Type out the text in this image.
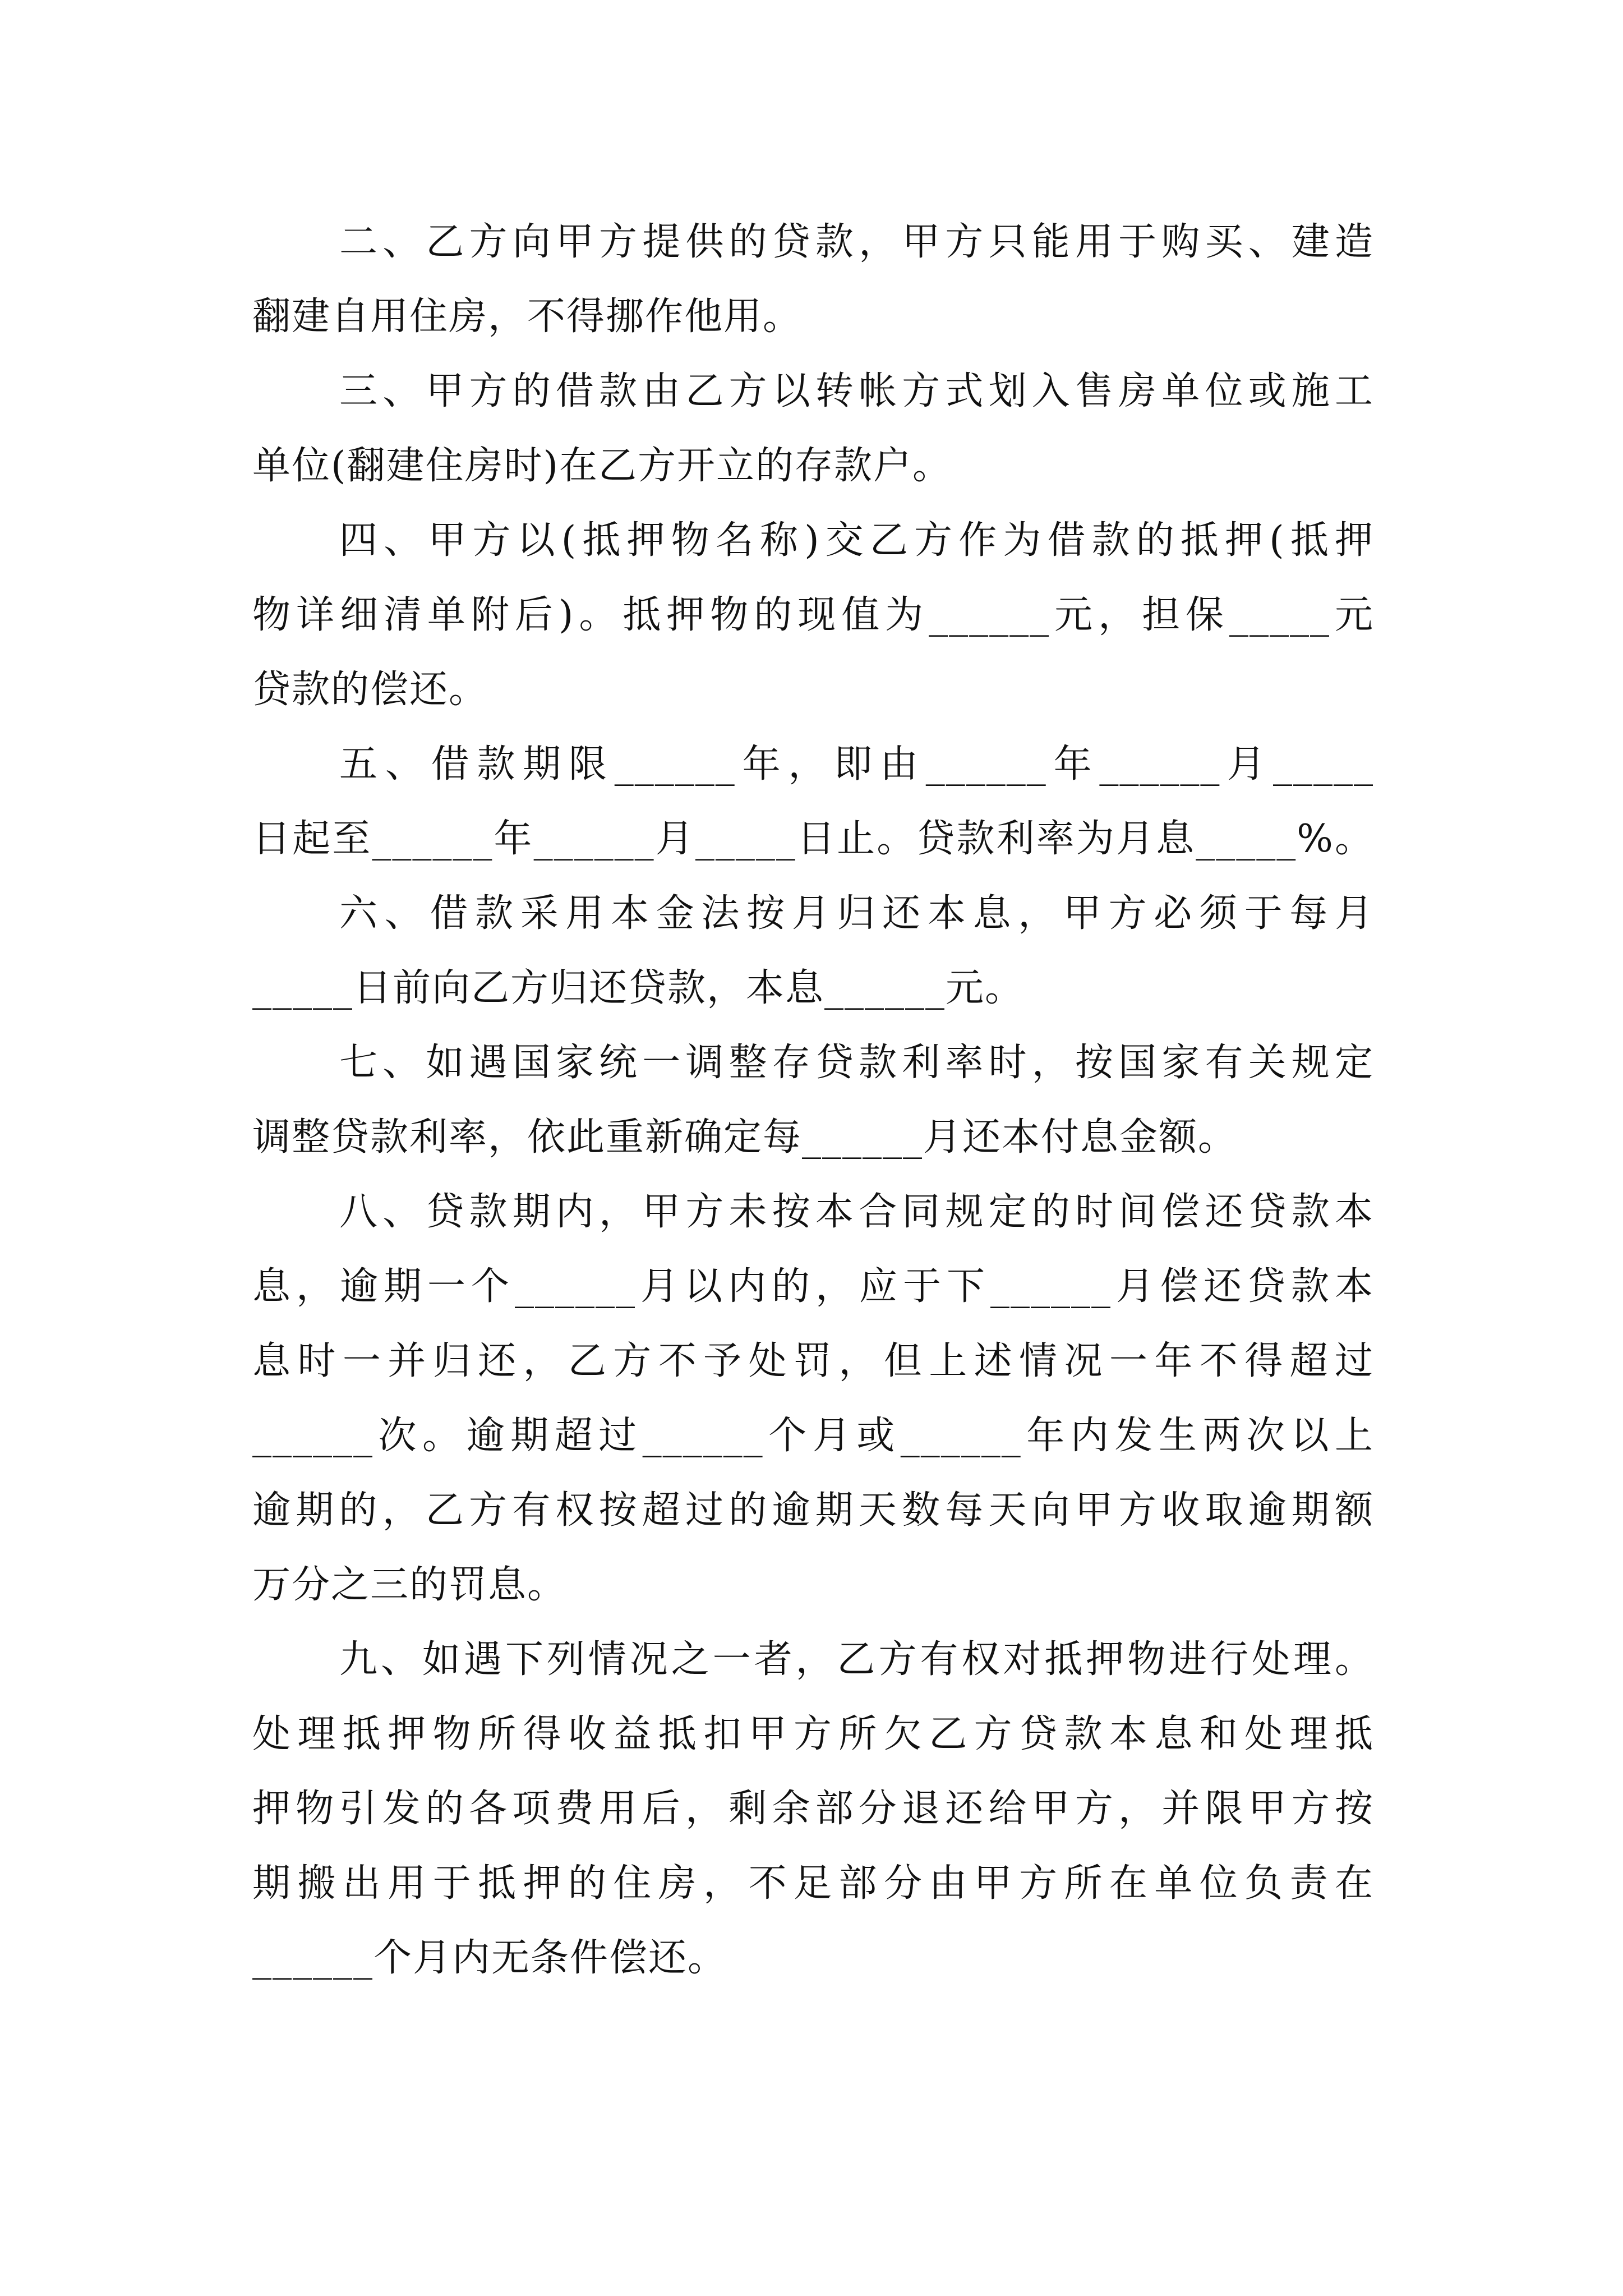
二、乙方向甲方提供的贷款，甲方只能用于购买、建造
翻建自用住房，不得挪作他用。
三、甲方的借款由乙方以转帐方式划入售房单位或施工
单位(翻建住房时)在乙方开立的存款户。
四、甲方以(抵押物名称)交乙方作为借款的抵押(抵押
物详细清单附后)。抵押物的现值为______元，担保_____元
贷款的偿还。
五、借款期限______年，即由______年______月_____
日起至______年______月_____日止。贷款利率为月息_____%。
六、借款采用本金法按月归还本息，甲方必须于每月
_____日前向乙方归还贷款，本息______元。
七、如遇国家统一调整存贷款利率时，按国家有关规定
调整贷款利率，依此重新确定每______月还本付息金额。
八、贷款期内，甲方未按本合同规定的时间偿还贷款本
息，逾期一个______月以内的，应于下______月偿还贷款本
息时一并归还，乙方不予处罚，但上述情况一年不得超过
______次。逾期超过______个月或______年内发生两次以上
逾期的，乙方有权按超过的逾期天数每天向甲方收取逾期额
万分之三的罚息。
九、如遇下列情况之一者，乙方有权对抵押物进行处理。
处理抵押物所得收益抵扣甲方所欠乙方贷款本息和处理抵
押物引发的各项费用后，剩余部分退还给甲方，并限甲方按
期搬出用于抵押的住房，不足部分由甲方所在单位负责在
______个月内无条件偿还。
